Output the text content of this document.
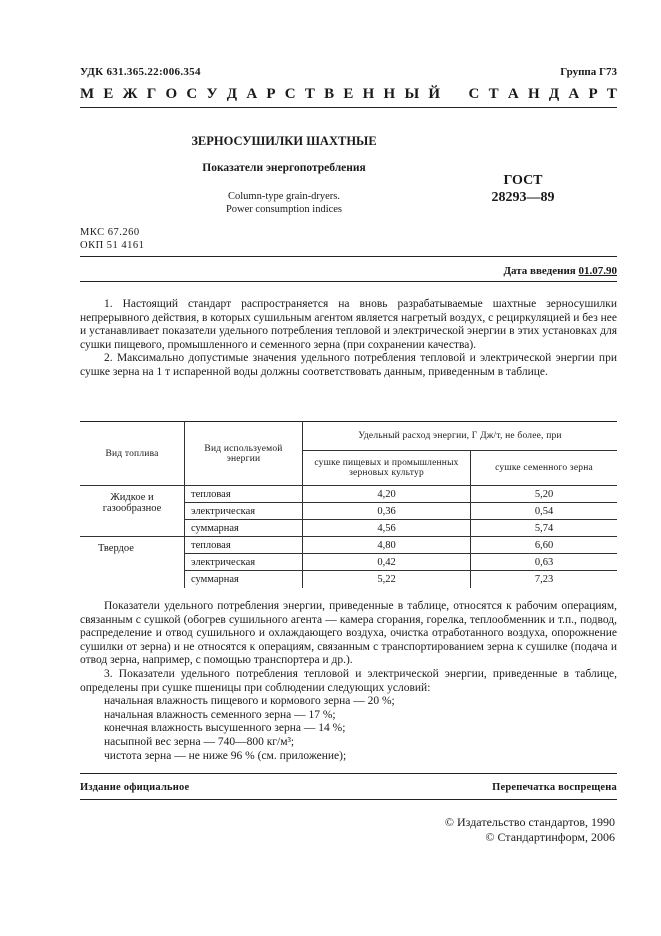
УДК 631.365.22:006.354	Группа Г73
М Е Ж Г О С У Д А Р С Т В Е Н Н Ы Й С Т А Н Д А Р Т
ЗЕРНОСУШИЛКИ ШАХТНЫЕ
Показатели энергопотребления
Column-type grain-dryers.
Power consumption indices
ГОСТ
28293—89
МКС 67.260
ОКП 51 4161
Дата введения 01.07.90

1. Настоящий стандарт распространяется на вновь разрабатываемые шахтные зерносушилки непрерывного действия, в которых сушильным агентом является нагретый воздух, с рециркуляцией и без нее и устанавливает показатели удельного потребления тепловой и электрической энергии в этих установках для сушки пищевого, промышленного и семенного зерна (при сохранении качества).

2. Максимально допустимые значения удельного потребления тепловой и электрической энергии при сушке зерна на 1 т испаренной воды должны соответствовать данным, приведенным в таблице.

Вид топлива	Вид используемой энергии	Удельный расход энергии, Г Дж/т, не более, при	
		сушке пищевых и промышленных зерновых культур	сушке семенного зерна
Жидкое и газообразное	тепловая	4,20	5,20
	электрическая	0,36	0,54
	суммарная	4,56	5,74
Твердое	тепловая	4,80	6,60
	электрическая	0,42	0,63
	суммарная	5,22	7,23

Показатели удельного потребления энергии, приведенные в таблице, относятся к рабочим операциям, связанным с сушкой (обогрев сушильного агента — камера сгорания, горелка, теплообменник и т.п., подвод, распределение и отвод сушильного и охлаждающего воздуха, очистка отработанного воздуха, опорожнение сушилки от зерна) и не относятся к операциям, связанным с транспортированием зерна к сушилке (подача и отвод зерна, например, с помощью транспортера и др.).

3. Показатели удельного потребления тепловой и электрической энергии, приведенные в таблице, определены при сушке пшеницы при соблюдении следующих условий:

начальная влажность пищевого и кормового зерна — 20 %;

начальная влажность семенного зерна — 17 %;

конечная влажность высушенного зерна — 14 %;

насыпной вес зерна — 740—800 кг/м³;

чистота зерна — не ниже 96 % (см. приложение);

Издание официальное	Перепечатка воспрещена
© Издательство стандартов, 1990
© Стандартинформ, 2006
